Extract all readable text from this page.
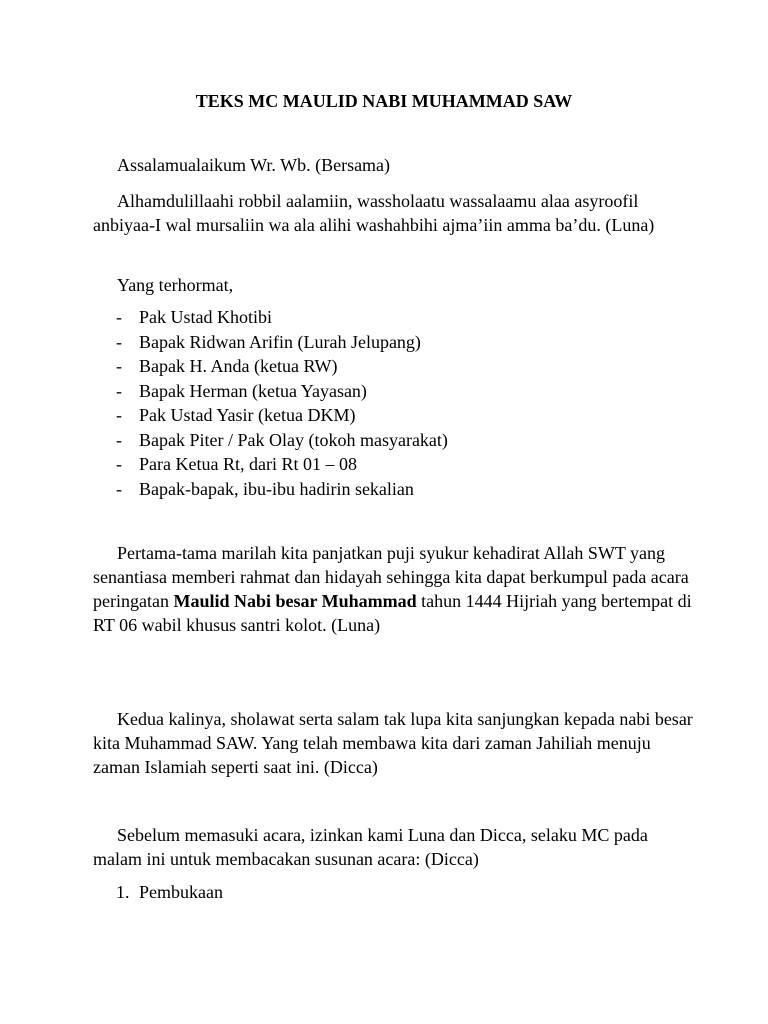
TEKS MC MAULID NABI MUHAMMAD SAW

Assalamualaikum Wr. Wb. (Bersama)

Alhamdulillaahi robbil aalamiin, wassholaatu wassalaamu alaa asyroofil anbiyaa-I wal mursaliin wa ala alihi washahbihi ajma’iin amma ba’du. (Luna)

Yang terhormat,

- Pak Ustad Khotibi
- Bapak Ridwan Arifin (Lurah Jelupang)
- Bapak H. Anda (ketua RW)
- Bapak Herman (ketua Yayasan)
- Pak Ustad Yasir (ketua DKM)
- Bapak Piter / Pak Olay (tokoh masyarakat)
- Para Ketua Rt, dari Rt 01 – 08
- Bapak-bapak, ibu-ibu hadirin sekalian

Pertama-tama marilah kita panjatkan puji syukur kehadirat Allah SWT yang senantiasa memberi rahmat dan hidayah sehingga kita dapat berkumpul pada acara peringatan Maulid Nabi besar Muhammad tahun 1444 Hijriah yang bertempat di RT 06 wabil khusus santri kolot. (Luna)

Kedua kalinya, sholawat serta salam tak lupa kita sanjungkan kepada nabi besar kita Muhammad SAW. Yang telah membawa kita dari zaman Jahiliah menuju zaman Islamiah seperti saat ini. (Dicca)

Sebelum memasuki acara, izinkan kami Luna dan Dicca, selaku MC pada malam ini untuk membacakan susunan acara: (Dicca)

1. Pembukaan
